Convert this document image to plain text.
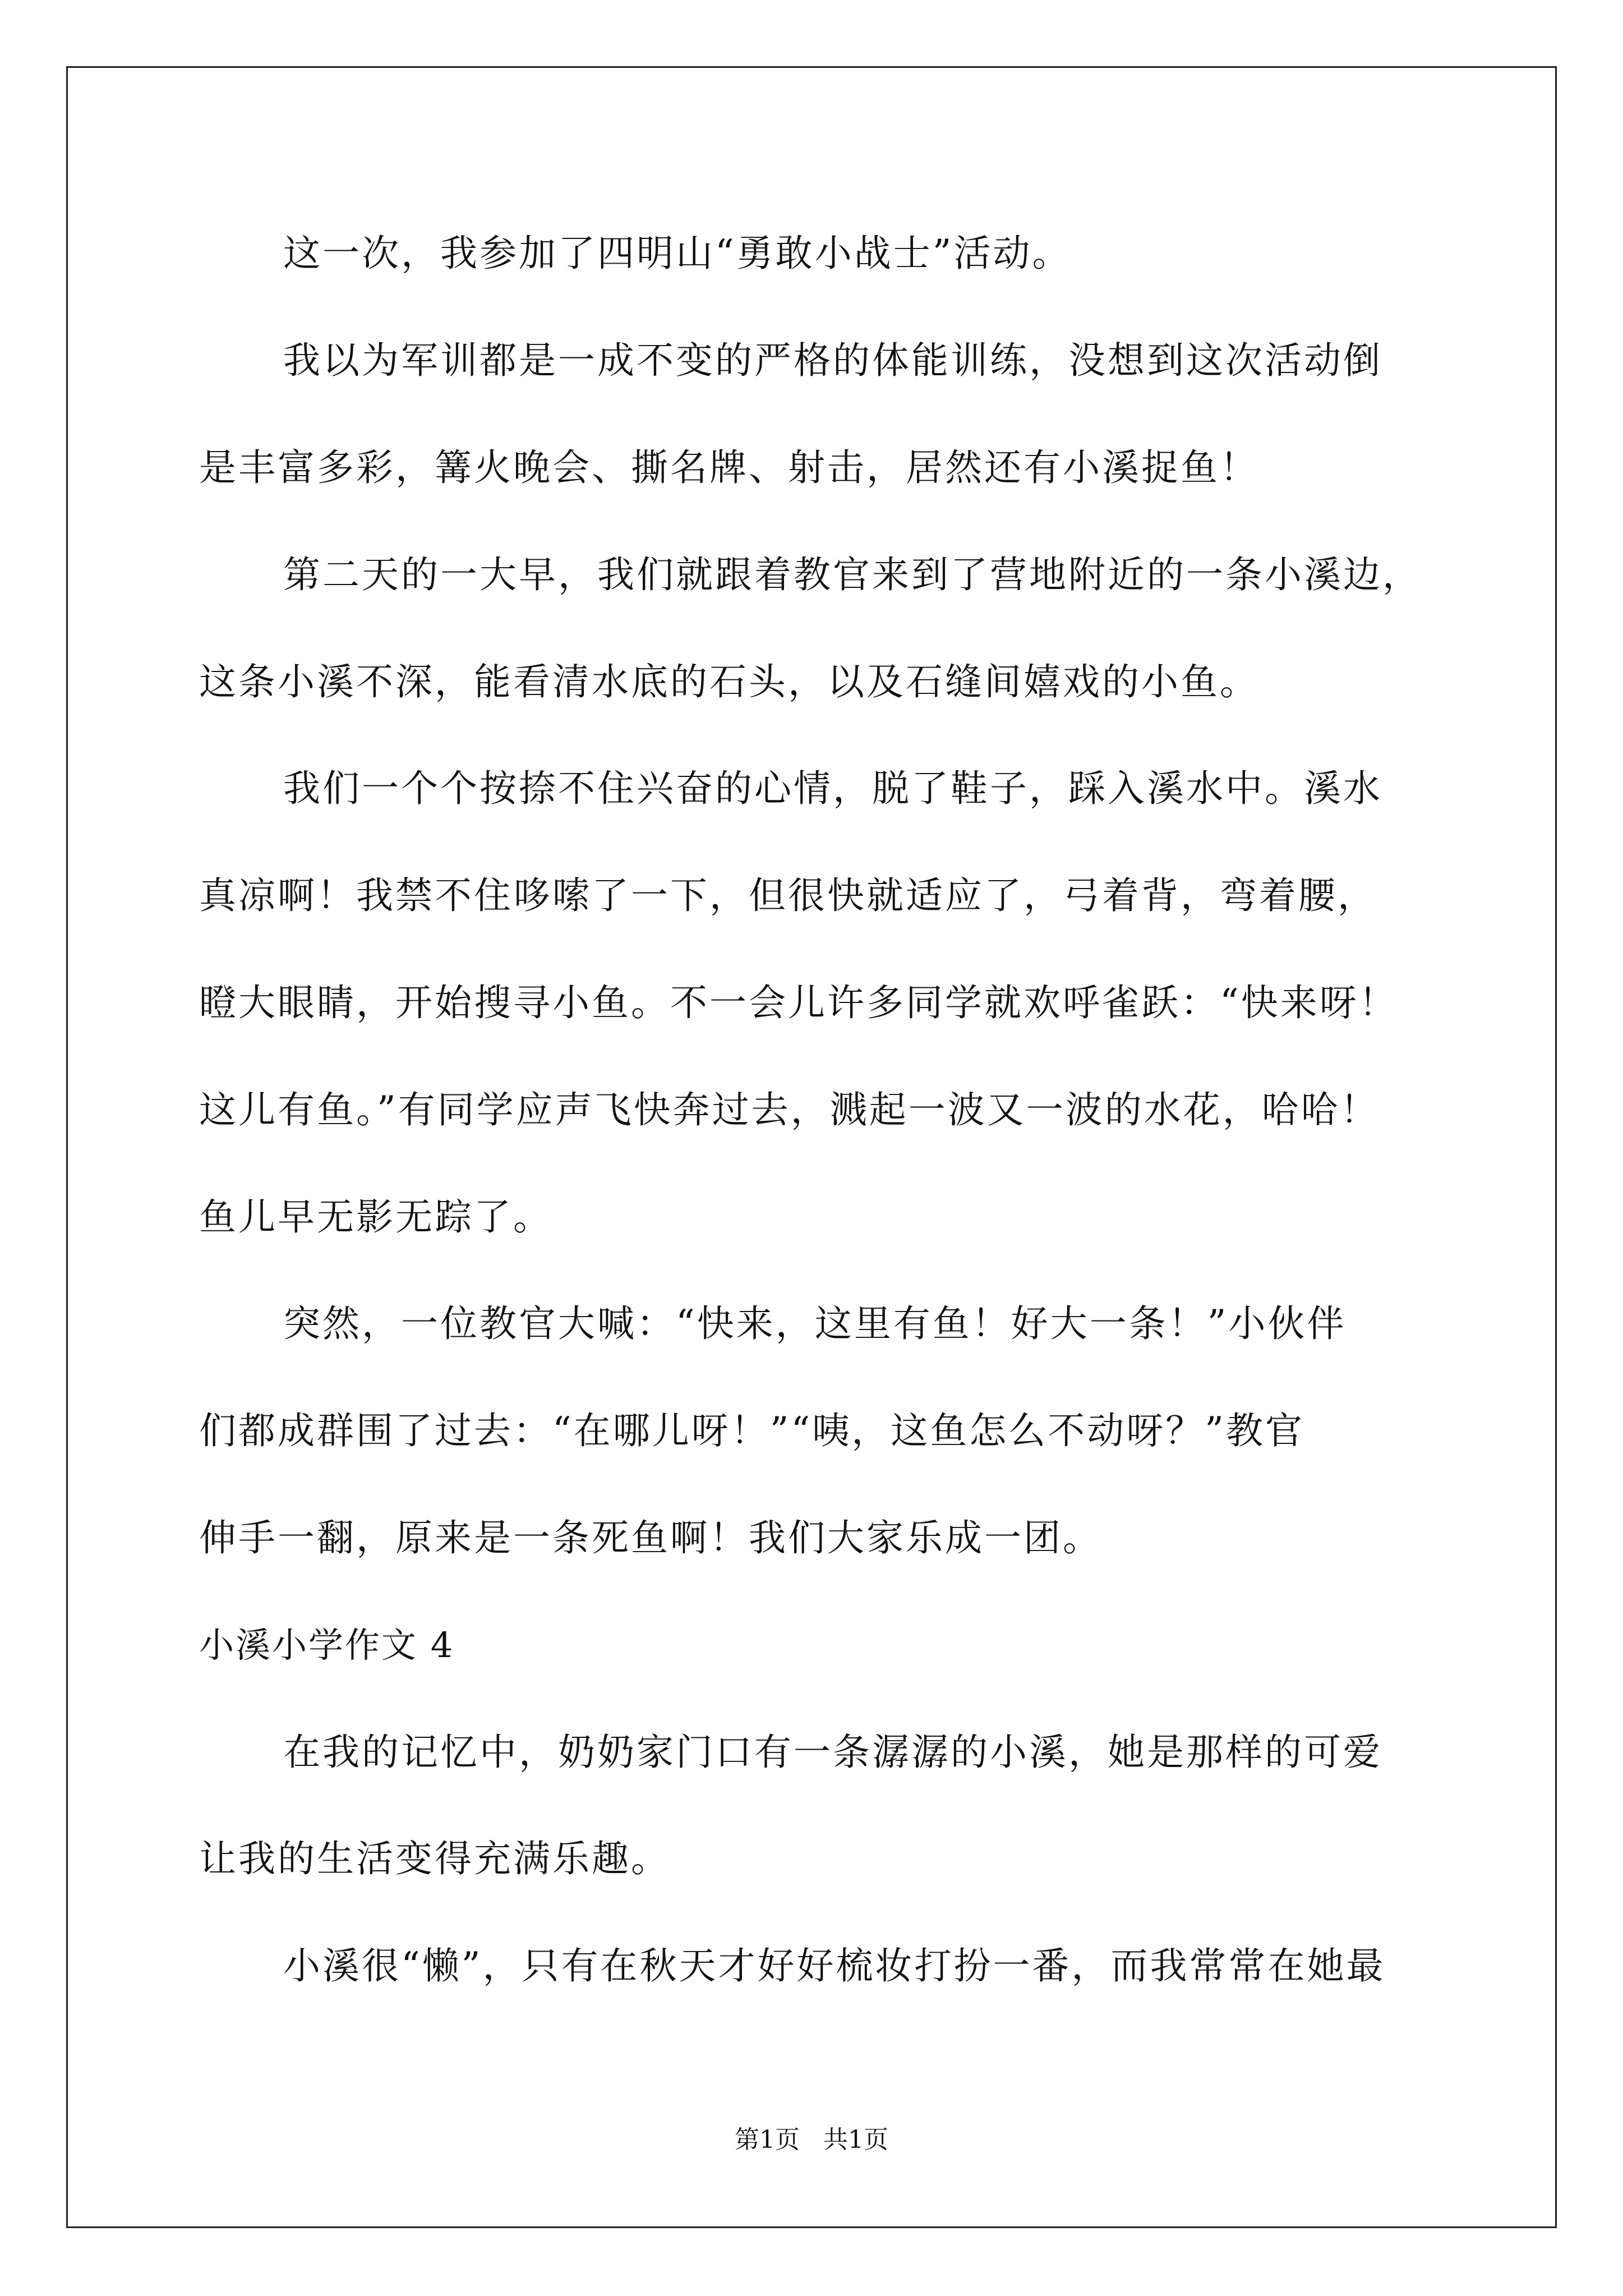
这一次，我参加了四明山“勇敢小战士”活动。
我以为军训都是一成不变的严格的体能训练，没想到这次活动倒
是丰富多彩，篝火晚会、撕名牌、射击，居然还有小溪捉鱼！
第二天的一大早，我们就跟着教官来到了营地附近的一条小溪边，
这条小溪不深，能看清水底的石头，以及石缝间嬉戏的小鱼。
我们一个个按捺不住兴奋的心情，脱了鞋子，踩入溪水中。溪水
真凉啊！我禁不住哆嗦了一下，但很快就适应了，弓着背，弯着腰，
瞪大眼睛，开始搜寻小鱼。不一会儿许多同学就欢呼雀跃：“快来呀！
这儿有鱼。”有同学应声飞快奔过去，溅起一波又一波的水花，哈哈！
鱼儿早无影无踪了。
突然，一位教官大喊：“快来，这里有鱼！好大一条！”小伙伴
们都成群围了过去：“在哪儿呀！”“咦，这鱼怎么不动呀？”教官
伸手一翻，原来是一条死鱼啊！我们大家乐成一团。
小溪小学作文 4
在我的记忆中，奶奶家门口有一条潺潺的小溪，她是那样的可爱
让我的生活变得充满乐趣。
小溪很“懒”，只有在秋天才好好梳妆打扮一番，而我常常在她最
第1页   共1页
